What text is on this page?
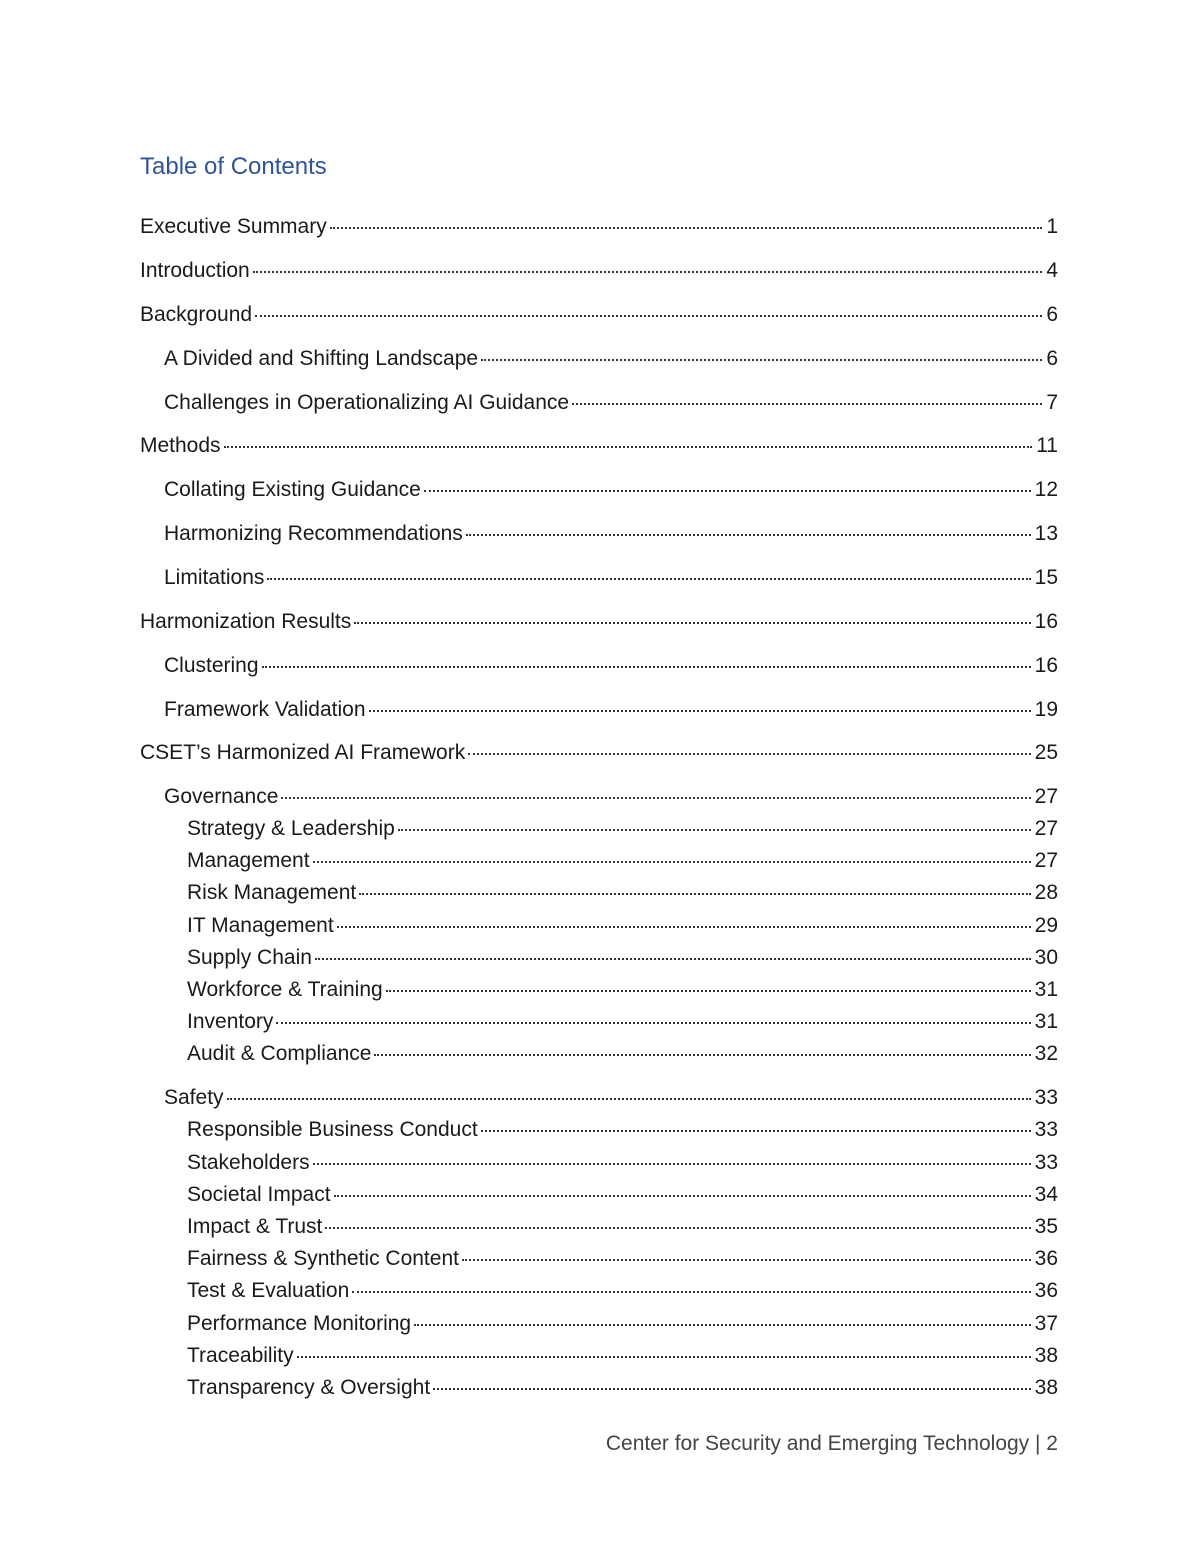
Table of Contents
Executive Summary	1
Introduction	4
Background	6
A Divided and Shifting Landscape	6
Challenges in Operationalizing AI Guidance	7
Methods	11
Collating Existing Guidance	12
Harmonizing Recommendations	13
Limitations	15
Harmonization Results	16
Clustering	16
Framework Validation	19
CSET’s Harmonized AI Framework	25
Governance	27
Strategy & Leadership	27
Management	27
Risk Management	28
IT Management	29
Supply Chain	30
Workforce & Training	31
Inventory	31
Audit & Compliance	32
Safety	33
Responsible Business Conduct	33
Stakeholders	33
Societal Impact	34
Impact & Trust	35
Fairness & Synthetic Content	36
Test & Evaluation	36
Performance Monitoring	37
Traceability	38
Transparency & Oversight	38
Center for Security and Emerging Technology | 2
